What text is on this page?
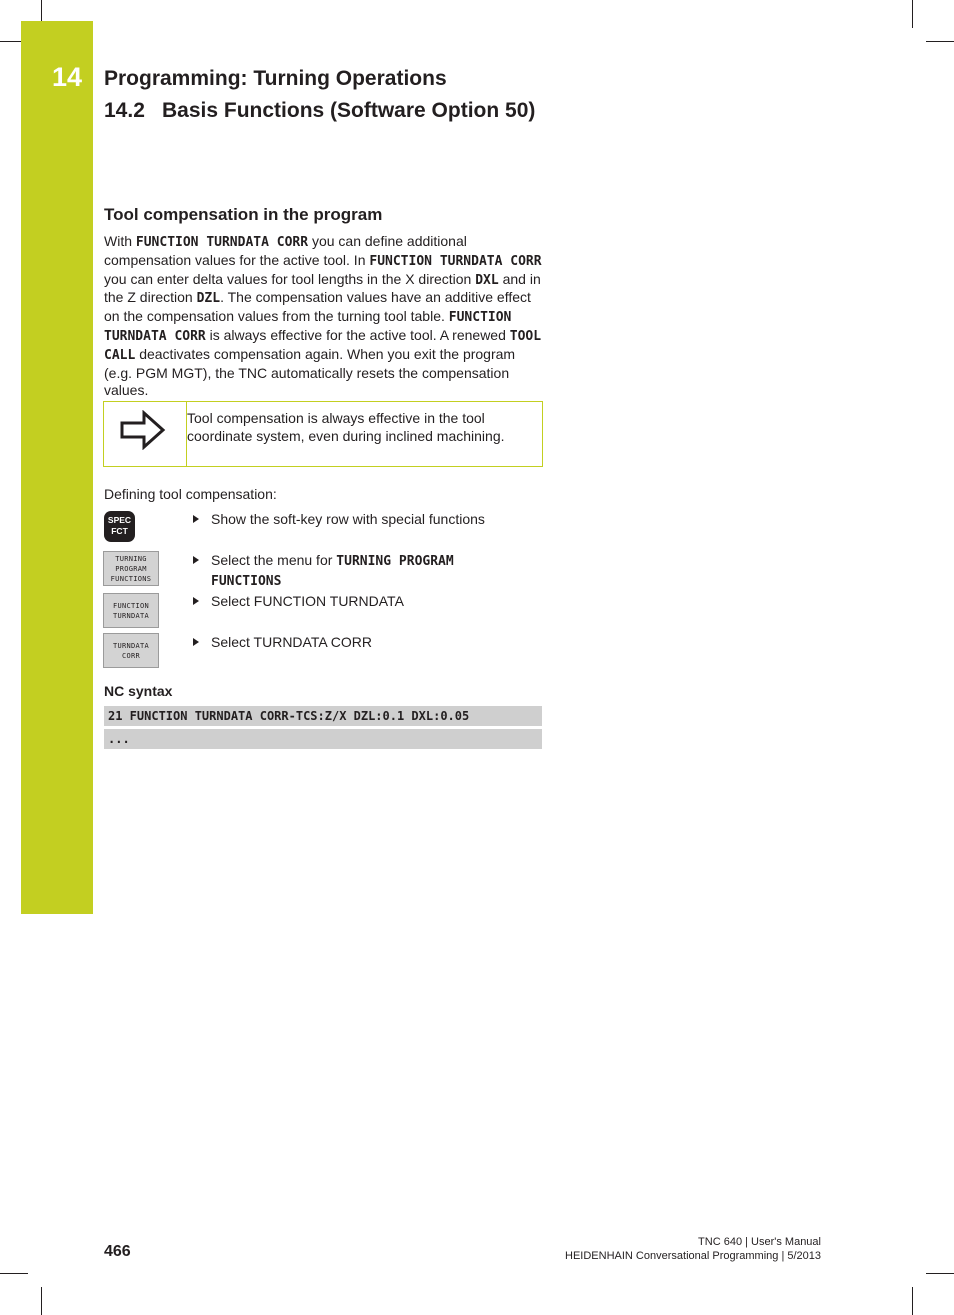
14 Programming: Turning Operations
14.2 Basis Functions (Software Option 50)
Tool compensation in the program

With FUNCTION TURNDATA CORR you can define additional compensation values for the active tool. In FUNCTION TURNDATA CORR you can enter delta values for tool lengths in the X direction DXL and in the Z direction DZL. The compensation values have an additive effect on the compensation values from the turning tool table. FUNCTION TURNDATA CORR is always effective for the active tool. A renewed TOOL CALL deactivates compensation again. When you exit the program (e.g. PGM MGT), the TNC automatically resets the compensation values.

Tool compensation is always effective in the tool
coordinate system, even during inclined machining.

Defining tool compensation:

SPEC
FCT
Show the soft-key row with special functions
TURNING
PROGRAM
FUNCTIONS
Select the menu for TURNING PROGRAM
FUNCTIONS
FUNCTION
TURNDATA
Select FUNCTION TURNDATA
TURNDATA
CORR
Select TURNDATA CORR

NC syntax

21 FUNCTION TURNDATA CORR-TCS:Z/X DZL:0.1 DXL:0.05
...
466
TNC 640 | User's Manual
HEIDENHAIN Conversational Programming | 5/2013
